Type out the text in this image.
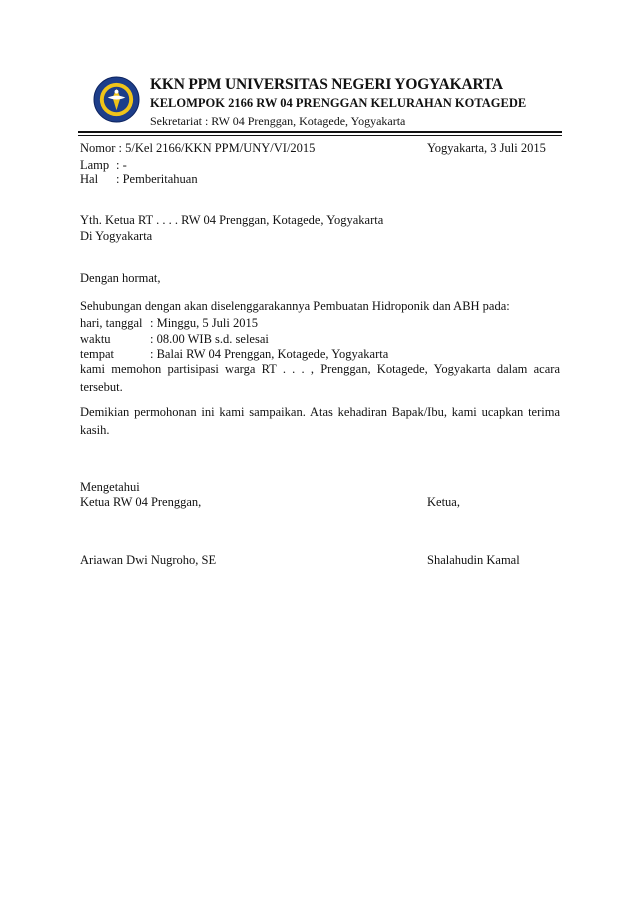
KKN PPM UNIVERSITAS NEGERI YOGYAKARTA
KELOMPOK 2166 RW 04 PRENGGAN KELURAHAN KOTAGEDE
Sekretariat : RW 04 Prenggan, Kotagede, Yogyakarta
Nomor : 5/Kel 2166/KKN PPM/UNY/VI/2015	Yogyakarta, 3 Juli 2015
Lamp : -
Hal : Pemberitahuan
Yth. Ketua RT . . . . RW 04 Prenggan, Kotagede, Yogyakarta
Di Yogyakarta
Dengan hormat,
Sehubungan dengan akan diselenggarakannya Pembuatan Hidroponik dan ABH pada:
hari, tanggal : Minggu, 5 Juli 2015
waktu	: 08.00 WIB s.d. selesai
tempat	: Balai RW 04 Prenggan, Kotagede, Yogyakarta
kami memohon partisipasi warga RT . . . , Prenggan, Kotagede, Yogyakarta dalam acara tersebut.
Demikian permohonan ini kami sampaikan. Atas kehadiran Bapak/Ibu, kami ucapkan terima kasih.
Mengetahui
Ketua RW 04 Prenggan,	Ketua,
Ariawan Dwi Nugroho, SE	Shalahudin Kamal
